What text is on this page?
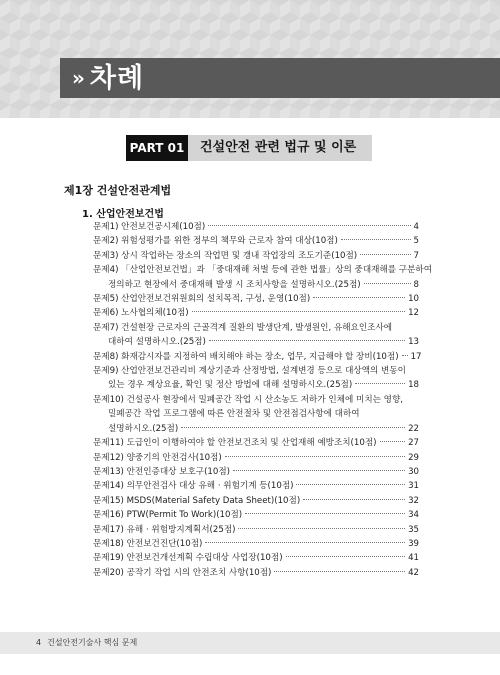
» 차례
PART 01 건설안전 관련 법규 및 이론
제1장 건설안전관계법
1. 산업안전보건법
문제1) 안전보건공시제(10점)	4
문제2) 위험성평가를 위한 정부의 책무와 근로자 참여 대상(10점)	5
문제3) 상시 작업하는 장소의 작업면 및 갱내 작업장의 조도기준(10점)	7
문제4) 「산업안전보건법」과 「중대재해 처벌 등에 관한 법률」상의 중대재해를 구분하여
정의하고 현장에서 중대재해 발생 시 조치사항을 설명하시오.(25점)	8
문제5) 산업안전보건위원회의 설치목적, 구성, 운영(10점)	10
문제6) 노사협의체(10점)	12
문제7) 건설현장 근로자의 근골격계 질환의 발생단계, 발생원인, 유해요인조사에
대하여 설명하시오.(25점)	13
문제8) 화재감시자를 지정하여 배치해야 하는 장소, 업무, 지급해야 할 장비(10점) 17
문제9) 산업안전보건관리비 계상기준과 산정방법, 설계변경 등으로 대상액의 변동이
있는 경우 계상요율, 확인 및 정산 방법에 대해 설명하시오.(25점)	18
문제10) 건설공사 현장에서 밀폐공간 작업 시 산소농도 저하가 인체에 미치는 영향,
밀폐공간 작업 프로그램에 따른 안전절차 및 안전점검사항에 대하여
설명하시오.(25점)	22
문제11) 도급인이 이행하여야 할 안전보건조치 및 산업재해 예방조치(10점)	27
문제12) 양중기의 안전검사(10점)	29
문제13) 안전인증대상 보호구(10점)	30
문제14) 의무안전검사 대상 유해 · 위험기계 등(10점)	31
문제15) MSDS(Material Safety Data Sheet)(10점)	32
문제16) PTW(Permit To Work)(10점)	34
문제17) 유해 · 위험방지계획서(25점)	35
문제18) 안전보건진단(10점)	39
문제19) 안전보건개선계획 수립대상 사업장(10점)	41
문제20) 공작기 작업 시의 안전조치 사항(10점)	42
4 건설안전기술사 핵심 문제
